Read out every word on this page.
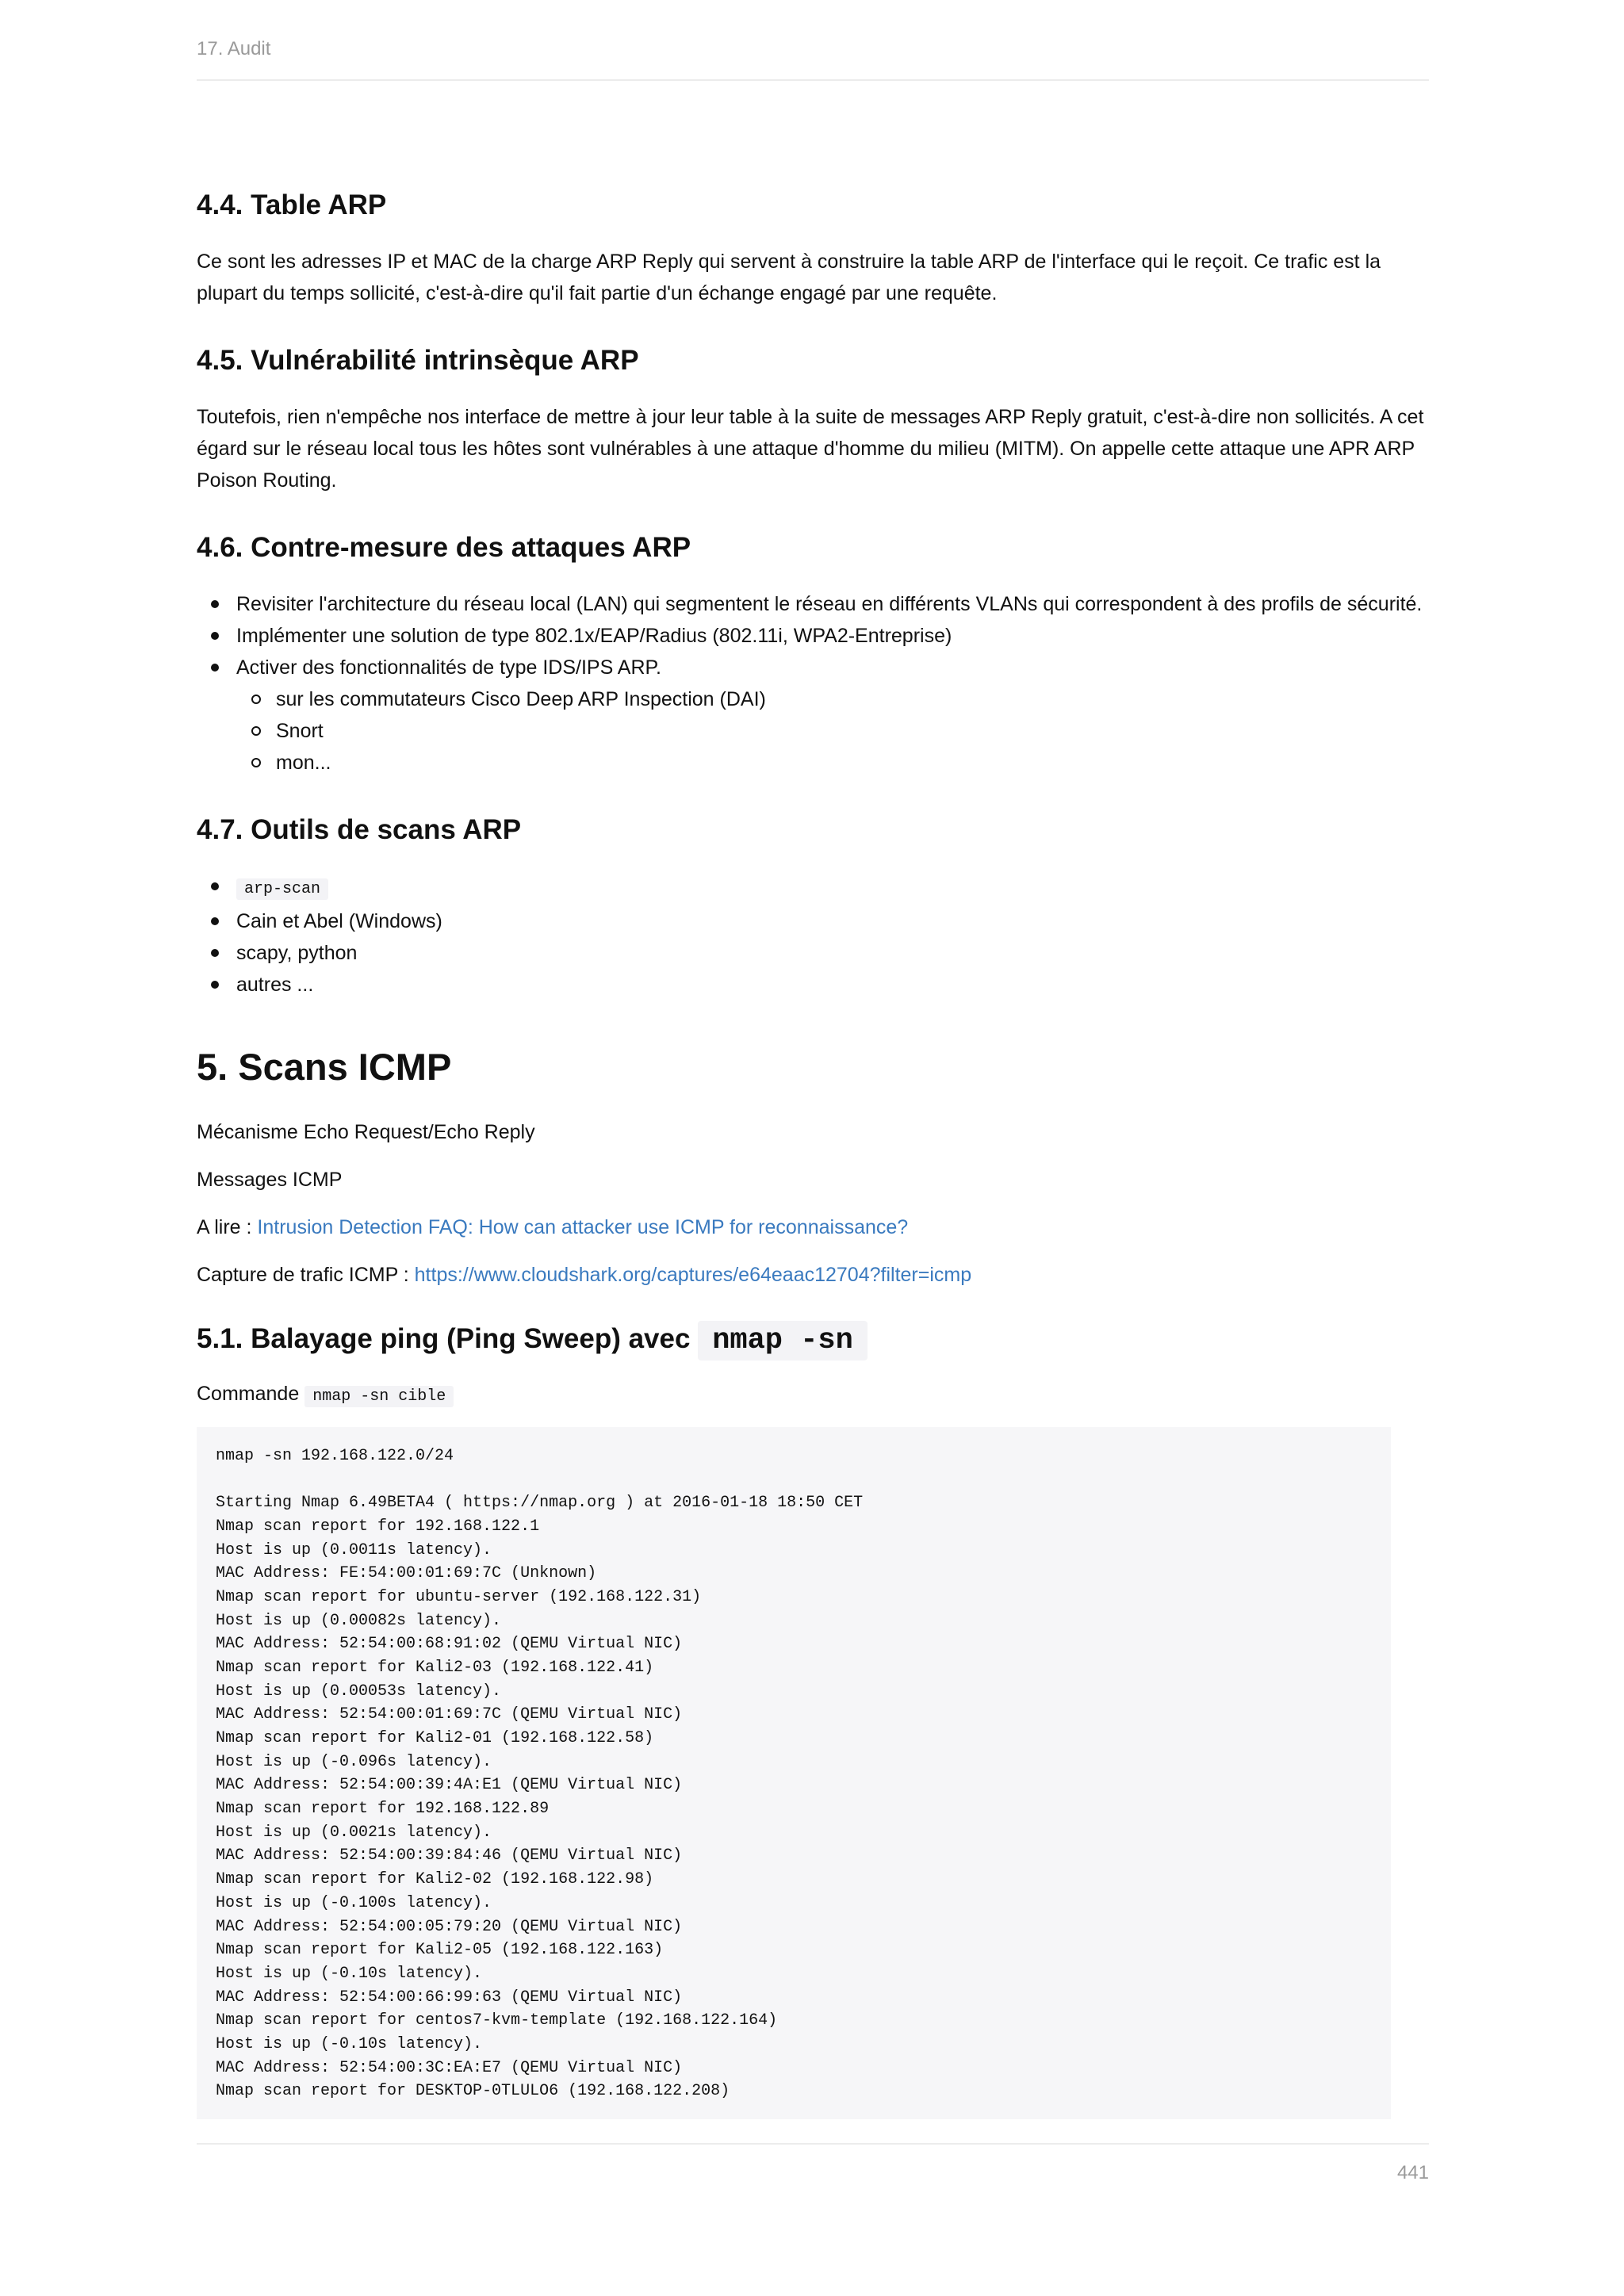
17. Audit
4.4. Table ARP

Ce sont les adresses IP et MAC de la charge ARP Reply qui servent à construire la table ARP de l'interface qui le reçoit. Ce trafic est la plupart du temps sollicité, c'est-à-dire qu'il fait partie d'un échange engagé par une requête.

4.5. Vulnérabilité intrinsèque ARP

Toutefois, rien n'empêche nos interface de mettre à jour leur table à la suite de messages ARP Reply gratuit, c'est-à-dire non sollicités. A cet égard sur le réseau local tous les hôtes sont vulnérables à une attaque d'homme du milieu (MITM). On appelle cette attaque une APR ARP Poison Routing.

4.6. Contre-mesure des attaques ARP
Revisiter l'architecture du réseau local (LAN) qui segmentent le réseau en différents VLANs qui correspondent à des profils de sécurité.
Implémenter une solution de type 802.1x/EAP/Radius (802.11i, WPA2-Entreprise)
Activer des fonctionnalités de type IDS/IPS ARP.
sur les commutateurs Cisco Deep ARP Inspection (DAI)
Snort
mon...
4.7. Outils de scans ARP
arp-scan
Cain et Abel (Windows)
scapy, python
autres ...
5. Scans ICMP

Mécanisme Echo Request/Echo Reply

Messages ICMP

A lire : Intrusion Detection FAQ: How can attacker use ICMP for reconnaissance?

Capture de trafic ICMP : https://www.cloudshark.org/captures/e64eaac12704?filter=icmp

5.1. Balayage ping (Ping Sweep) avec nmap -sn

Commande nmap -sn cible

nmap -sn 192.168.122.0/24
Starting Nmap 6.49BETA4 ( https://nmap.org ) at 2016-01-18 18:50 CET
Nmap scan report for 192.168.122.1
Host is up (0.0011s latency).
MAC Address: FE:54:00:01:69:7C (Unknown)
Nmap scan report for ubuntu-server (192.168.122.31)
Host is up (0.00082s latency).
MAC Address: 52:54:00:68:91:02 (QEMU Virtual NIC)
Nmap scan report for Kali2-03 (192.168.122.41)
Host is up (0.00053s latency).
MAC Address: 52:54:00:01:69:7C (QEMU Virtual NIC)
Nmap scan report for Kali2-01 (192.168.122.58)
Host is up (-0.096s latency).
MAC Address: 52:54:00:39:4A:E1 (QEMU Virtual NIC)
Nmap scan report for 192.168.122.89
Host is up (0.0021s latency).
MAC Address: 52:54:00:39:84:46 (QEMU Virtual NIC)
Nmap scan report for Kali2-02 (192.168.122.98)
Host is up (-0.100s latency).
MAC Address: 52:54:00:05:79:20 (QEMU Virtual NIC)
Nmap scan report for Kali2-05 (192.168.122.163)
Host is up (-0.10s latency).
MAC Address: 52:54:00:66:99:63 (QEMU Virtual NIC)
Nmap scan report for centos7-kvm-template (192.168.122.164)
Host is up (-0.10s latency).
MAC Address: 52:54:00:3C:EA:E7 (QEMU Virtual NIC)
Nmap scan report for DESKTOP-0TLULO6 (192.168.122.208)
441
